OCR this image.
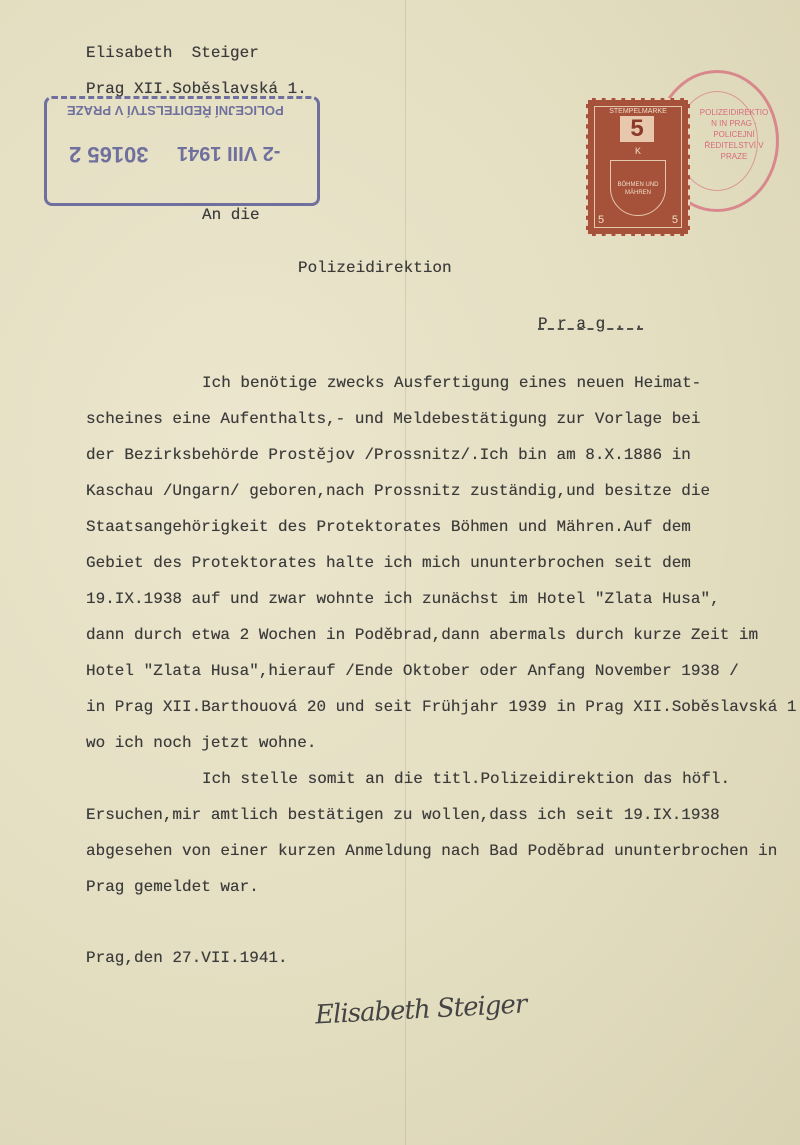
Elisabeth  Steiger
Prag XII.Soběslavská 1.
POLICEJNÍ ŘEDITELSTVÍ V PRAZE
-2 VIII 1941
30165 2
An die
POLIZEIDIREKTION IN PRAG · POLICEJNÍ ŘEDITELSTVÍ V PRAZE
STEMPELMARKE
5
K
BÖHMEN UND MÄHREN
5	5
Polizeidirektion
P r a g . .
Ich benötige zwecks Ausfertigung eines neuen Heimat-
scheines eine Aufenthalts,- und Meldebestätigung zur Vorlage bei
der Bezirksbehörde Prostějov /Prossnitz/.Ich bin am 8.X.1886 in
Kaschau /Ungarn/ geboren,nach Prossnitz zuständig,und besitze die
Staatsangehörigkeit des Protektorates Böhmen und Mähren.Auf dem
Gebiet des Protektorates halte ich mich ununterbrochen seit dem
19.IX.1938 auf und zwar wohnte ich zunächst im Hotel "Zlata Husa",
dann durch etwa 2 Wochen in Poděbrad,dann abermals durch kurze Zeit im
Hotel "Zlata Husa",hierauf /Ende Oktober oder Anfang November 1938 /
in Prag XII.Barthouová 20 und seit Frühjahr 1939 in Prag XII.Soběslavská 1
wo ich noch jetzt wohne.
Ich stelle somit an die titl.Polizeidirektion das höfl.
Ersuchen,mir amtlich bestätigen zu wollen,dass ich seit 19.IX.1938
abgesehen von einer kurzen Anmeldung nach Bad Poděbrad ununterbrochen in
Prag gemeldet war.
Prag,den 27.VII.1941.
Elisabeth Steiger
